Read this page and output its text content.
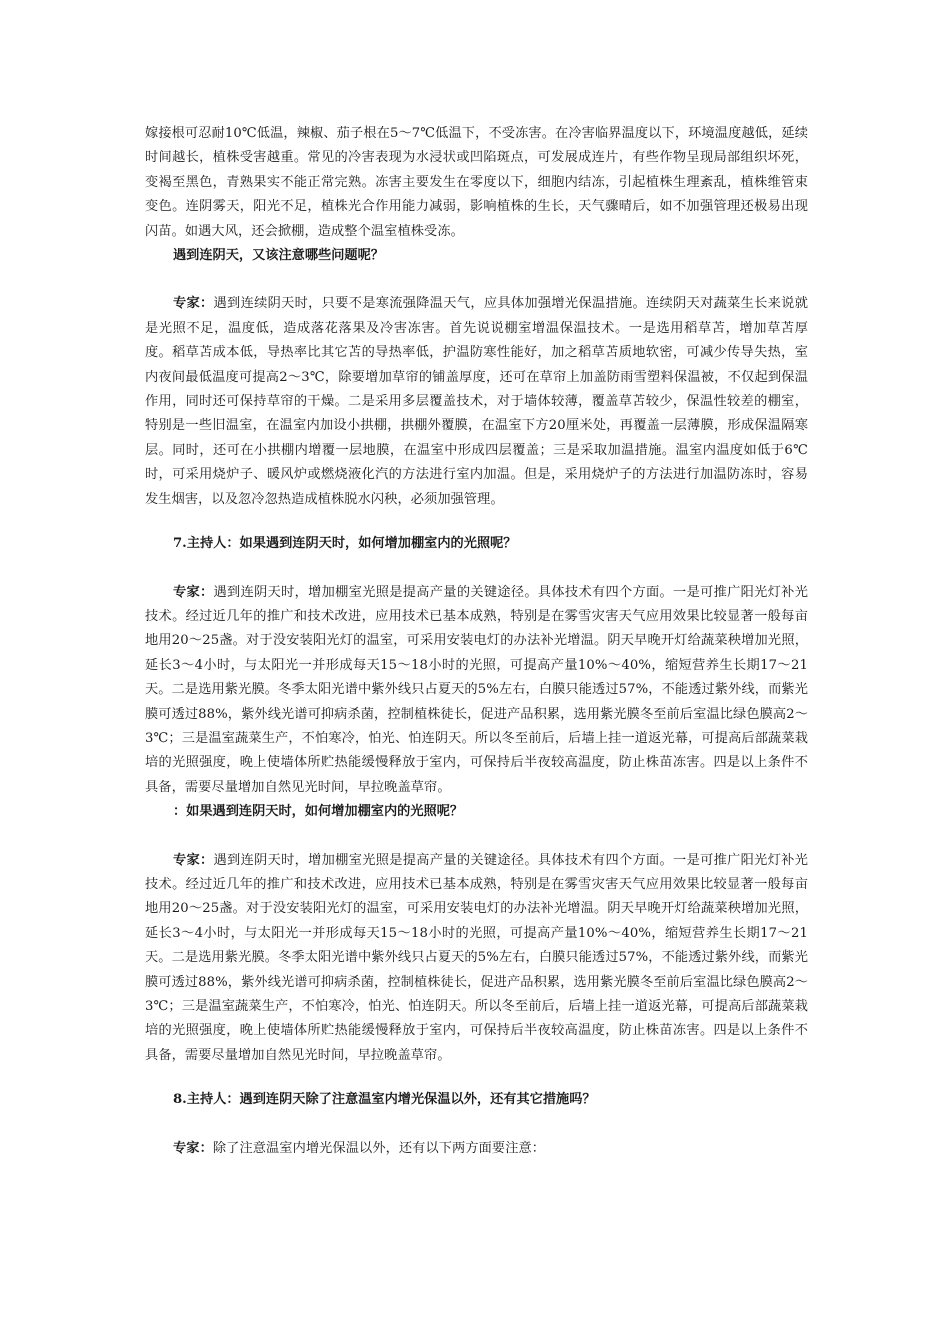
嫁接根可忍耐10℃低温，辣椒、茄子根在5～7℃低温下，不受冻害。在冷害临界温度以下，环境温度越低，延续时间越长，植株受害越重。常见的冷害表现为水浸状或凹陷斑点，可发展成连片，有些作物呈现局部组织坏死，变褐至黑色，青熟果实不能正常完熟。冻害主要发生在零度以下，细胞内结冻，引起植株生理紊乱，植株维管束变色。连阴雾天，阳光不足，植株光合作用能力减弱，影响植株的生长，天气骤晴后，如不加强管理还极易出现闪苗。如遇大风，还会掀棚，造成整个温室植株受冻。

遇到连阴天，又该注意哪些问题呢？

专家：遇到连续阴天时，只要不是寒流强降温天气，应具体加强增光保温措施。连续阴天对蔬菜生长来说就是光照不足，温度低，造成落花落果及冷害冻害。首先说说棚室增温保温技术。一是选用稻草苫，增加草苫厚度。稻草苫成本低，导热率比其它苫的导热率低，护温防寒性能好，加之稻草苫质地软密，可减少传导失热，室内夜间最低温度可提高2～3℃，除要增加草帘的铺盖厚度，还可在草帘上加盖防雨雪塑料保温被，不仅起到保温作用，同时还可保持草帘的干燥。二是采用多层覆盖技术，对于墙体较薄，覆盖草苫较少，保温性较差的棚室，特别是一些旧温室，在温室内加设小拱棚，拱棚外覆膜，在温室下方20厘米处，再覆盖一层薄膜，形成保温隔寒层。同时，还可在小拱棚内增覆一层地膜，在温室中形成四层覆盖；三是采取加温措施。温室内温度如低于6℃时，可采用烧炉子、暖风炉或燃烧液化汽的方法进行室内加温。但是，采用烧炉子的方法进行加温防冻时，容易发生烟害，以及忽冷忽热造成植株脱水闪秧，必须加强管理。

7.主持人：如果遇到连阴天时，如何增加棚室内的光照呢？

专家：遇到连阴天时，增加棚室光照是提高产量的关键途径。具体技术有四个方面。一是可推广阳光灯补光技术。经过近几年的推广和技术改进，应用技术已基本成熟，特别是在雾雪灾害天气应用效果比较显著一般每亩地用20～25盏。对于没安装阳光灯的温室，可采用安装电灯的办法补光增温。阴天早晚开灯给蔬菜秧增加光照，延长3～4小时，与太阳光一并形成每天15～18小时的光照，可提高产量10%～40%，缩短营养生长期17～21天。二是选用紫光膜。冬季太阳光谱中紫外线只占夏天的5%左右，白膜只能透过57%，不能透过紫外线，而紫光膜可透过88%，紫外线光谱可抑病杀菌，控制植株徒长，促进产品积累，选用紫光膜冬至前后室温比绿色膜高2～3℃；三是温室蔬菜生产，不怕寒冷，怕光、怕连阴天。所以冬至前后，后墙上挂一道返光幕，可提高后部蔬菜栽培的光照强度，晚上使墙体所贮热能缓慢释放于室内，可保持后半夜较高温度，防止株苗冻害。四是以上条件不具备，需要尽量增加自然见光时间，早拉晚盖草帘。

：如果遇到连阴天时，如何增加棚室内的光照呢？

专家：遇到连阴天时，增加棚室光照是提高产量的关键途径。具体技术有四个方面。一是可推广阳光灯补光技术。经过近几年的推广和技术改进，应用技术已基本成熟，特别是在雾雪灾害天气应用效果比较显著一般每亩地用20～25盏。对于没安装阳光灯的温室，可采用安装电灯的办法补光增温。阴天早晚开灯给蔬菜秧增加光照，延长3～4小时，与太阳光一并形成每天15～18小时的光照，可提高产量10%～40%，缩短营养生长期17～21天。二是选用紫光膜。冬季太阳光谱中紫外线只占夏天的5%左右，白膜只能透过57%，不能透过紫外线，而紫光膜可透过88%，紫外线光谱可抑病杀菌，控制植株徒长，促进产品积累，选用紫光膜冬至前后室温比绿色膜高2～3℃；三是温室蔬菜生产，不怕寒冷，怕光、怕连阴天。所以冬至前后，后墙上挂一道返光幕，可提高后部蔬菜栽培的光照强度，晚上使墙体所贮热能缓慢释放于室内，可保持后半夜较高温度，防止株苗冻害。四是以上条件不具备，需要尽量增加自然见光时间，早拉晚盖草帘。

8.主持人：遇到连阴天除了注意温室内增光保温以外，还有其它措施吗？

专家：除了注意温室内增光保温以外，还有以下两方面要注意：
